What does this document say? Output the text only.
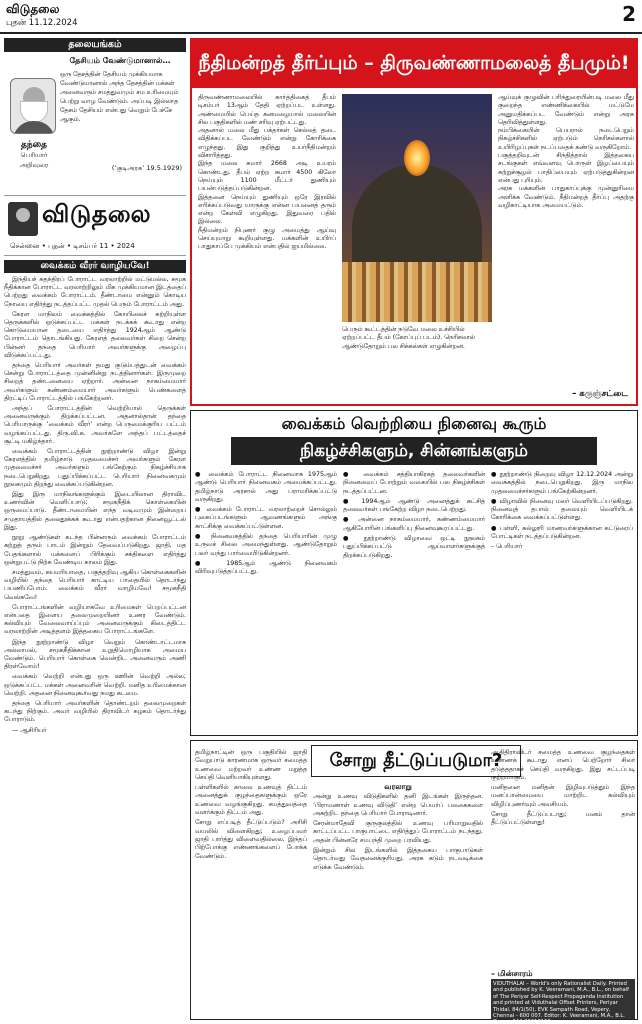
விடுதலை
புதன் 11.12.2024	2
தலையங்கம்
தேசியம் வேண்டுமானால்…
ஒரு தேசத்தின் தேசியம் முக்கியமாக வேண்டுமானால் அந்த தேசத்தின் மக்கள் அனைவரும் சமத்துவமும் சம உரிமையும் பெற்று வாழ வேண்டும். அப்படி இல்லாத தேசம் தேசியம் என்பது வெறும் பேச்சே ஆகும்.
தந்தை
பெரியார் அறிவுரை	(‘குடிஅரசு’ 19.5.1929)
விடுதலை
சென்னை • புதன் • டிசம்பர் 11 • 2024
வைக்கம் வீரர் வாழியவே!

இந்தியச் சுதந்திரப் போராட்ட வரலாற்றில் மட்டுமல்ல, சமூக நீதிக்கான போராட்ட வரலாற்றிலும் மிக முக்கியமான இடத்தைப் பெற்றது வைக்கம் போராட்டம். தீண்டாமை என்னும் கொடிய நோயை எதிர்த்து நடத்தப்பட்ட முதல் பெரும் போராட்டம் அது.

கேரள மாநிலம் வைக்கத்தில் கோயிலைச் சுற்றியுள்ள தெருக்களில் ஒடுக்கப்பட்ட மக்கள் நடக்கக் கூடாது என்ற கொடுமையான தடையை எதிர்த்து 1924ஆம் ஆண்டு போராட்டம் தொடங்கியது. கேரளத் தலைவர்கள் சிறை சென்ற பின்னர் தந்தை பெரியார் அவர்களுக்கு அழைப்பு விடுக்கப்பட்டது.

தந்தை பெரியார் அவர்கள் தமது குடும்பத்துடன் வைக்கம் சென்று போராட்டத்தை முன்னின்று நடத்தினார்கள். இருமுறை சிறைத் தண்டனையை ஏற்றார். அன்னை நாகம்மையார் அவர்களும் கண்ணம்மையார் அவர்களும் பெண்களைத் திரட்டிப் போராட்டத்தில் பங்கேற்றனர்.

அந்தப் போராட்டத்தின் வெற்றியால் தெருக்கள் அனைவருக்கும் திறக்கப்பட்டன. அதனால்தான் தந்தை பெரியாருக்கு ‘வைக்கம் வீரர்’ என்ற பெருமைக்குரிய பட்டம் வழங்கப்பட்டது. திரு.வி.க. அவர்களே அந்தப் பட்டத்தைச் சூட்டி மகிழ்ந்தார்.

வைக்கம் போராட்டத்தின் நூற்றாண்டு விழா இன்று கேரளத்தில் தமிழ்நாடு முதலமைச்சர் அவர்களும் கேரள முதலமைச்சர் அவர்களும் பங்கேற்கும் நிகழ்ச்சியாக நடைபெறுகிறது. புதுப்பிக்கப்பட்ட பெரியார் நினைவகமும் நூலகமும் திறந்து வைக்கப்படுகின்றன.

இது இரு மாநிலங்களுக்கும் இடையிலான திராவிட உணர்வின் வெளிப்பாடு; சமூகநீதிக் கொள்கையின் ஒருமைப்பாடு. தீண்டாமையின் எந்த வடிவமும் இன்றைய சமுதாயத்தில் தலைதூக்கக் கூடாது என்பதற்கான நினைவூட்டல் இது.

நூறு ஆண்டுகள் கடந்த பின்னரும் வைக்கம் போராட்டம் கற்றுத் தரும் பாடம் இன்றும் தேவைப்படுகிறது. ஜாதி, மத பேதங்களால் மக்களைப் பிரிக்கும் சக்திகளை எதிர்த்து ஒன்றுபட்டு நிற்க வேண்டிய காலம் இது.

சமத்துவம், சுயமரியாதை, பகுத்தறிவு ஆகிய கொள்கைகளின் வழியில் தந்தை பெரியார் காட்டிய பாதையில் தொடர்ந்து பயணிப்போம். வைக்கம் வீரர் வாழியவே! சமூகநீதி வெல்கவே!

போராட்டங்களின் வழியாகவே உரிமைகள் பெறப்பட்டன என்பதை இளைய தலைமுறையினர் உணர வேண்டும். கல்வியும் வேலைவாய்ப்பும் அனைவருக்கும் கிடைத்திட்ட வரலாற்றின் அடித்தளம் இத்தகைய போராட்டங்களே.

இந்த நூற்றாண்டு விழா வெறும் கொண்டாட்டமாக அல்லாமல், சமூகநீதிக்கான உறுதிமொழியாக அமைய வேண்டும். பெரியார் கொள்கை வென்றிட அனைவரும் அணி திரள்வோம்!

வைக்கம் வெற்றி என்பது ஒரு ஊரின் வெற்றி அல்ல; ஒடுக்கப்பட்ட மக்கள் அனைவரின் வெற்றி. மனித உரிமைக்கான வெற்றி. அதனை நினைவுகூர்வது நமது கடமை.

தந்தை பெரியார் அவர்களின் தொண்டறம் தலைமுறைகள் கடந்து நிற்கும். அவர் வழியில் திராவிடர் கழகம் தொடர்ந்து போராடும்.

— ஆசிரியர்

நீதிமன்றத் தீர்ப்பும் – திருவண்ணாமலைத் தீபமும்!

திருவண்ணாமலையில் கார்த்திகைத் தீபம் டிசம்பர் 13ஆம் தேதி ஏற்றப்பட உள்ளது. அண்மையில் பெய்த கனமழையால் மலையின் சில பகுதிகளில் மண் சரிவு ஏற்பட்டது.

அதனால் மலை மீது பக்தர்கள் செல்லத் தடை விதிக்கப்பட வேண்டும் என்று கோரிக்கை எழுந்தது. இது குறித்து உயர்நீதிமன்றம் விசாரித்தது.

இந்த மலை சுமார் 2668 அடி உயரம் கொண்டது. தீபம் ஏற்ற சுமார் 4500 கிலோ நெய்யும் 1100 மீட்டர் துணியும் பயன்படுத்தப்படுகின்றன.

இத்தனை நெய்யும் துணியும் ஒரே இரவில் எரிக்கப்படுவது யாருக்கு என்ன பயனைத் தரும் என்ற கேள்வி எழுகிறது. இதுவரை பதில் இல்லை.

நீதிமன்றம் நிபுணர் குழு அமைத்து ஆய்வு செய்யுமாறு கூறியுள்ளது. மக்களின் உயிர்ப் பாதுகாப்பே முக்கியம் என்பதில் ஐயமில்லை.

பெரும் கூட்டத்தின் நடுவே மலை உச்சியில் ஏற்றப்பட்ட தீபம் (கோப்புப் படம்). நெரிசலால் ஆண்டுதோறும் பல சிக்கல்கள் எழுகின்றன.

ஆய்வுக் குழுவின் பரிந்துரையின்படி மலை மீது குறைந்த எண்ணிக்கையில் மட்டுமே அனுமதிக்கப்பட வேண்டும் என்று அரசு தெரிவித்துள்ளது.

நம்பிக்கையின் பெயரால் நடைபெறும் நிகழ்ச்சிகளில் ஏற்படும் நெரிசல்களால் உயிரிழப்புகள் நடப்பதைக் கண்டு வருகிறோம்.

பகுத்தறிவுடன் சிந்தித்தால் இத்தகைய சடங்குகள் எவ்வளவு பொருள் இழப்பையும் சுற்றுச்சூழல் பாதிப்பையும் ஏற்படுத்துகின்றன என்பது புரியும்.

அரசு மக்களின் பாதுகாப்புக்கு முன்னுரிமை அளிக்க வேண்டும். நீதிமன்றத் தீர்ப்பு அதற்கு வழிகாட்டியாக அமையட்டும்.

– கருஞ்சட்டை
வைக்கம் வெற்றியை நினைவு கூரும்
நிகழ்ச்சிகளும், சின்னங்களும்

● வைக்கம் போராட்ட நினைவாக 1975ஆம் ஆண்டு பெரியார் நினைவகம் அமைக்கப்பட்டது. தமிழ்நாடு அரசால் அது பராமரிக்கப்பட்டு வருகிறது.

● வைக்கம் போராட்ட வரலாற்றைச் சொல்லும் புகைப்படங்களும் ஆவணங்களும் அங்கு காட்சிக்கு வைக்கப்பட்டுள்ளன.

● நினைவகத்தில் தந்தை பெரியாரின் முழு உருவச் சிலை அமைந்துள்ளது. ஆண்டுதோறும் பலர் வந்து பார்வையிடுகின்றனர்.

● 1985ஆம் ஆண்டு நினைவகம் விரிவுபடுத்தப்பட்டது.

● வைக்கம் சத்தியாகிரகத் தலைவர்களின் நினைவைப் போற்றும் வகையில் பல நிகழ்ச்சிகள் நடத்தப்பட்டன.

● 1994ஆம் ஆண்டு அனைத்துக் கட்சித் தலைவர்கள் பங்கேற்ற விழா நடைபெற்றது.

● அன்னை நாகம்மையார், கண்ணம்மையார் ஆகியோரின் பங்களிப்பு நினைவுகூரப்பட்டது.

● நூற்றாண்டு விழாவை ஒட்டி நூலகம் புதுப்பிக்கப்பட்டு ஆய்வாளர்களுக்குத் திறக்கப்படுகிறது.

● நூற்றாண்டு நிறைவு விழா 12.12.2024 அன்று வைக்கத்தில் நடைபெறுகிறது. இரு மாநில முதலமைச்சர்களும் பங்கேற்கின்றனர்.

● விழாவில் நினைவு மலர் வெளியிடப்படுகிறது. நினைவுத் தபால் தலையும் வெளியிடக் கோரிக்கை வைக்கப்பட்டுள்ளது.

● பள்ளி, கல்லூரி மாணவர்களுக்கான கட்டுரைப் போட்டிகள் நடத்தப்படுகின்றன.

– பெரியார்

சோறு தீட்டுப்படுமா?

தமிழ்நாட்டின் ஒரு பகுதியில் ஜாதி வேறுபாடு காரணமாக ஒருவர் சமைத்த உணவை மற்றவர் உண்ண மறுத்த செய்தி வெளியாகியுள்ளது.

பள்ளிகளில் காலை உணவுத் திட்டம் அனைத்துக் குழந்தைகளுக்கும் ஒரே உணவை வழங்குகிறது. சமத்துவத்தை வளர்க்கும் திட்டம் அது.

சோறு எப்படித் தீட்டுப்படும்? அரிசி வயலில் விளைகிறது; உழைப்பவர் ஜாதி பார்த்து விளைவதில்லை. இந்தப் பிற்போக்கு எண்ணங்களைப் போக்க வேண்டும்.

வரலாறு

அன்று உணவு விடுதிகளில் தனி இடங்கள் இருந்தன. ‘பிராமணாள் உணவு விடுதி’ என்ற பெயர்ப் பலகைகளை அகற்றிட தந்தை பெரியார் போராடினார்.

சேரன்மாதேவி குருகுலத்தில் உணவு பரிமாறுவதில் காட்டப்பட்ட பாகுபாட்டை எதிர்த்துப் போராட்டம் நடந்தது. அதன் பின்னரே சமபந்தி முறை பரவியது.

இன்றும் சில இடங்களில் இத்தகைய பாகுபாடுகள் தொடர்வது வேதனைக்குரியது. அரசு கடும் நடவடிக்கை எடுக்க வேண்டும்.

ஆதிதிராவிடர் சமைத்த உணவை குழந்தைகள் உண்ணக் கூடாது எனப் பெற்றோர் சிலர் தடுத்ததாகச் செய்தி வருகிறது. இது சட்டப்படி குற்றமாகும்.

மனிதனை மனிதன் இழிவுபடுத்தும் இந்த மனப்பான்மையை மாற்றிட கல்வியும் விழிப்புணர்வும் அவசியம்.

சோறு தீட்டுப்படாது; மனம் தான் தீட்டுப்பட்டுள்ளது!

– மின்சாரம்
VIDUTHALAI – World's only Rationalist Daily. Printed and published by K. Veeramani, M.A., B.L., on behalf of The Periyar Self-Respect Propaganda Institution and printed at Viduthalai Offset Printers, Periyar Thidal, 84/1(50), EVK Sampath Road, Vepery, Chennai - 600 007. Editor: K. Veeramani, M.A., B.L. Phone: 044-26618163
